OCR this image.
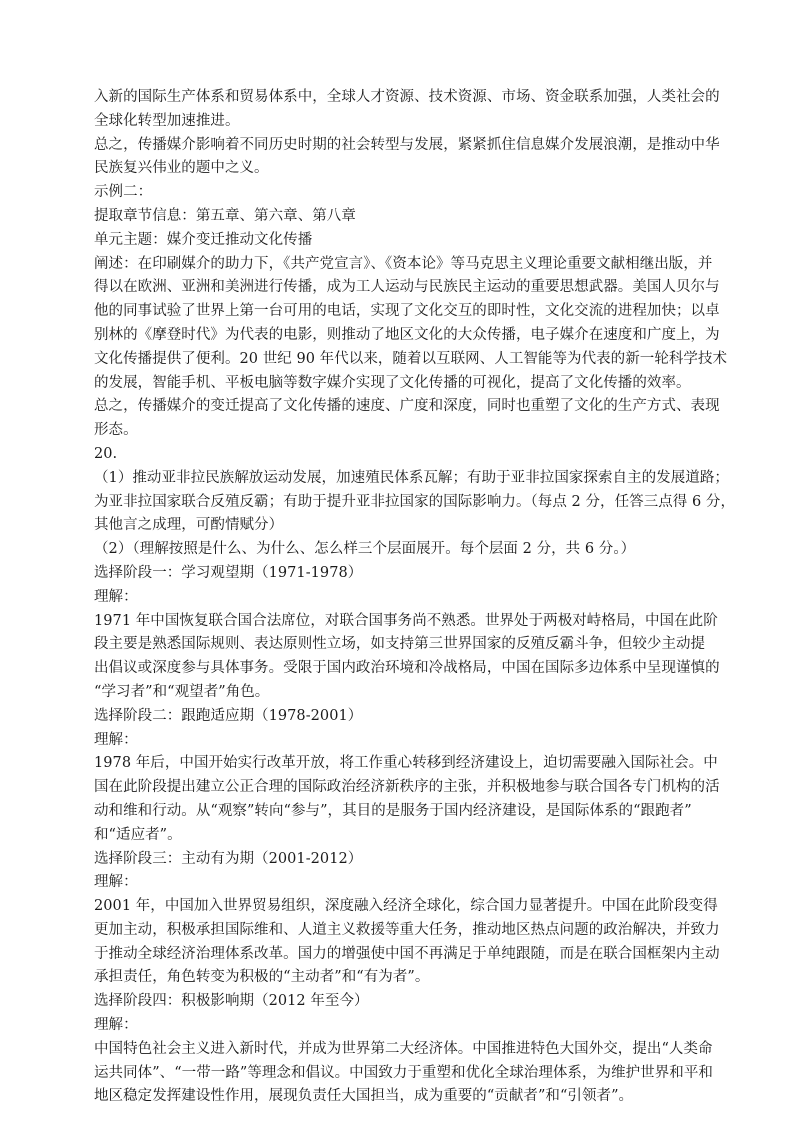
入新的国际生产体系和贸易体系中，全球人才资源、技术资源、市场、资金联系加强，人类社会的
全球化转型加速推进。
总之，传播媒介影响着不同历史时期的社会转型与发展，紧紧抓住信息媒介发展浪潮，是推动中华
民族复兴伟业的题中之义。
示例二：
提取章节信息：第五章、第六章、第八章
单元主题：媒介变迁推动文化传播
阐述：在印刷媒介的助力下，《共产党宣言》、《资本论》等马克思主义理论重要文献相继出版，并
得以在欧洲、亚洲和美洲进行传播，成为工人运动与民族民主运动的重要思想武器。美国人贝尔与
他的同事试验了世界上第一台可用的电话，实现了文化交互的即时性，文化交流的进程加快；以卓
别林的《摩登时代》为代表的电影，则推动了地区文化的大众传播，电子媒介在速度和广度上，为
文化传播提供了便利。20 世纪 90 年代以来，随着以互联网、人工智能等为代表的新一轮科学技术
的发展，智能手机、平板电脑等数字媒介实现了文化传播的可视化，提高了文化传播的效率。
总之，传播媒介的变迁提高了文化传播的速度、广度和深度，同时也重塑了文化的生产方式、表现
形态。
20.
（1）推动亚非拉民族解放运动发展，加速殖民体系瓦解；有助于亚非拉国家探索自主的发展道路；
为亚非拉国家联合反殖反霸；有助于提升亚非拉国家的国际影响力。（每点 2 分，任答三点得 6 分，
其他言之成理，可酌情赋分）
（2）（理解按照是什么、为什么、怎么样三个层面展开。每个层面 2 分，共 6 分。）
选择阶段一：学习观望期（1971-1978）
理解：
1971 年中国恢复联合国合法席位，对联合国事务尚不熟悉。世界处于两极对峙格局，中国在此阶
段主要是熟悉国际规则、表达原则性立场，如支持第三世界国家的反殖反霸斗争，但较少主动提
出倡议或深度参与具体事务。受限于国内政治环境和冷战格局，中国在国际多边体系中呈现谨慎的
“学习者”和“观望者”角色。
选择阶段二：跟跑适应期（1978-2001）
理解：
1978 年后，中国开始实行改革开放，将工作重心转移到经济建设上，迫切需要融入国际社会。中
国在此阶段提出建立公正合理的国际政治经济新秩序的主张，并积极地参与联合国各专门机构的活
动和维和行动。从“观察”转向“参与”，其目的是服务于国内经济建设，是国际体系的“跟跑者”
和“适应者”。
选择阶段三：主动有为期（2001-2012）
理解：
2001 年，中国加入世界贸易组织，深度融入经济全球化，综合国力显著提升。中国在此阶段变得
更加主动，积极承担国际维和、人道主义救援等重大任务，推动地区热点问题的政治解决，并致力
于推动全球经济治理体系改革。国力的增强使中国不再满足于单纯跟随，而是在联合国框架内主动
承担责任，角色转变为积极的“主动者”和“有为者”。
选择阶段四：积极影响期（2012 年至今）
理解：
中国特色社会主义进入新时代，并成为世界第二大经济体。中国推进特色大国外交，提出“人类命
运共同体”、“一带一路”等理念和倡议。中国致力于重塑和优化全球治理体系，为维护世界和平和
地区稳定发挥建设性作用，展现负责任大国担当，成为重要的“贡献者”和“引领者”。
